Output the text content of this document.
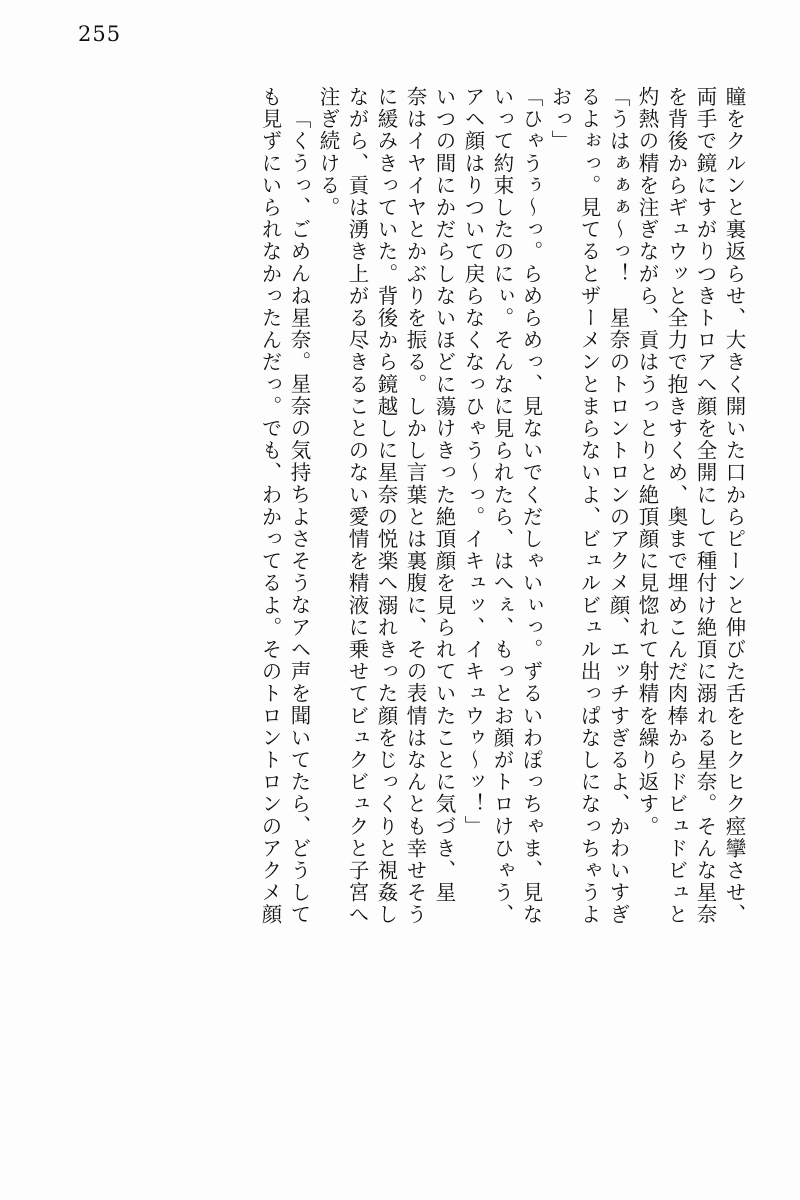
255
瞳をクルンと裏返らせ、大きく開いた口からピーンと伸びた舌をヒクヒク痙攣させ、
両手で鏡にすがりつきトロアへ顔を全開にして種付け絶頂に溺れる星奈。そんな星奈
を背後からギュウッと全力で抱きすくめ、奥まで埋めこんだ肉棒からドビュドビュと
灼熱の精を注ぎながら、貢はうっとりと絶頂顔に見惚れて射精を繰り返す。
「うはぁぁぁ～っ！　星奈のトロントロンのアクメ顔、エッチすぎるよ、かわいすぎ
るよぉっ。見てるとザーメンとまらないよ、ビュルビュル出っぱなしになっちゃうよ
おっ」
「ひゃうぅ～っ。らめらめっ、見ないでくだしゃいぃっ。ずるいわぽっちゃま、見な
いって約束したのにぃ。そんなに見られたら、はへぇ、もっとお顔がトロけひゃう、
アヘ顔はりついて戻らなくなっひゃう～っ。イキュッ、イキュウゥ～ッ！」
いつの間にかだらしないほどに蕩けきった絶頂顔を見られていたことに気づき、星
奈はイヤイヤとかぶりを振る。しかし言葉とは裏腹に、その表情はなんとも幸せそう
に緩みきっていた。背後から鏡越しに星奈の悦楽へ溺れきった顔をじっくりと視姦し
ながら、貢は湧き上がる尽きることのない愛情を精液に乗せてビュクビュクと子宮へ
注ぎ続ける。
「くうっ、ごめんね星奈。星奈の気持ちよさそうなアヘ声を聞いてたら、どうして
も見ずにいられなかったんだっ。でも、わかってるよ。そのトロントロンのアクメ顔
